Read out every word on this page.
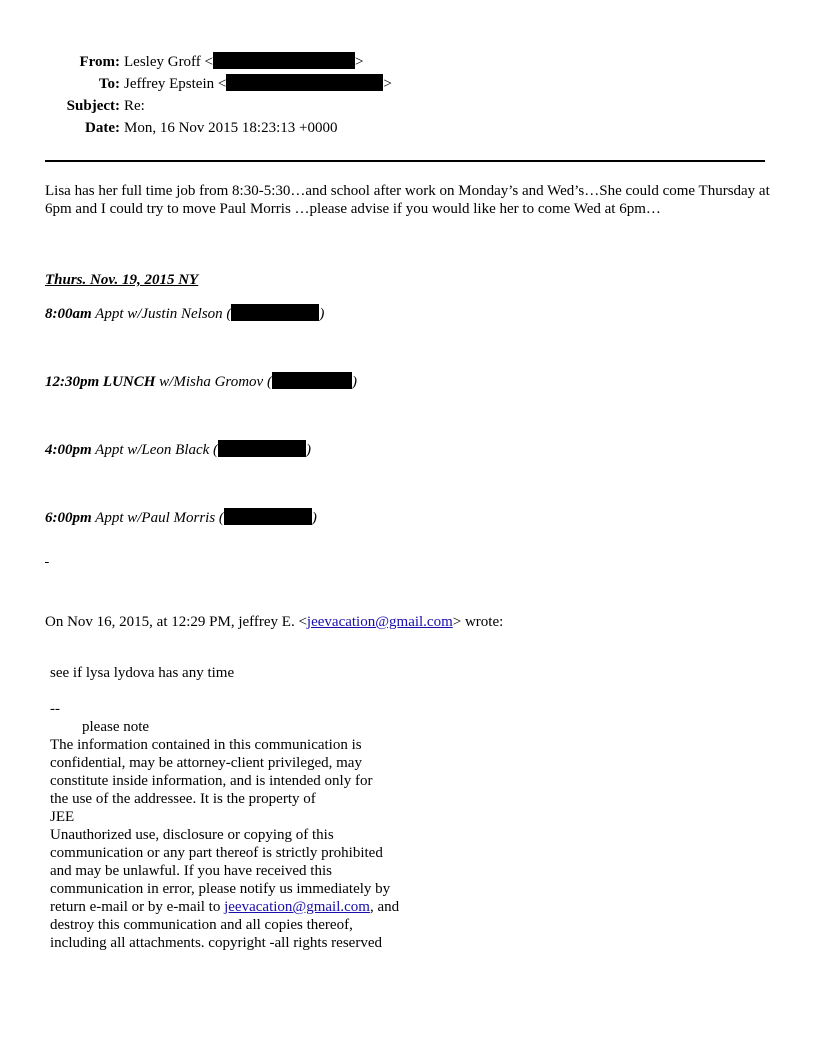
From: Lesley Groff <	>
To: Jeffrey Epstein <	>
Subject: Re:
Date: Mon, 16 Nov 2015 18:23:13 +0000
Lisa has her full time job from 8:30-5:30…and school after work on Monday’s and Wed’s…She could come Thursday at 6pm and I could try to move Paul Morris …please advise if you would like her to come Wed at 6pm…
Thurs. Nov. 19, 2015 NY
8:00am Appt w/Justin Nelson (	)
12:30pm LUNCH w/Misha Gromov (	)
4:00pm Appt w/Leon Black (	)
6:00pm Appt w/Paul Morris (	)

On Nov 16, 2015, at 12:29 PM, jeffrey E. <jeevacation@gmail.com> wrote:
see if lysa lydova has any time
--
please note
The information contained in this communication is
confidential, may be attorney-client privileged, may
constitute inside information, and is intended only for
the use of the addressee. It is the property of
JEE
Unauthorized use, disclosure or copying of this
communication or any part thereof is strictly prohibited
and may be unlawful. If you have received this
communication in error, please notify us immediately by
return e-mail or by e-mail to jeevacation@gmail.com, and
destroy this communication and all copies thereof,
including all attachments. copyright -all rights reserved
